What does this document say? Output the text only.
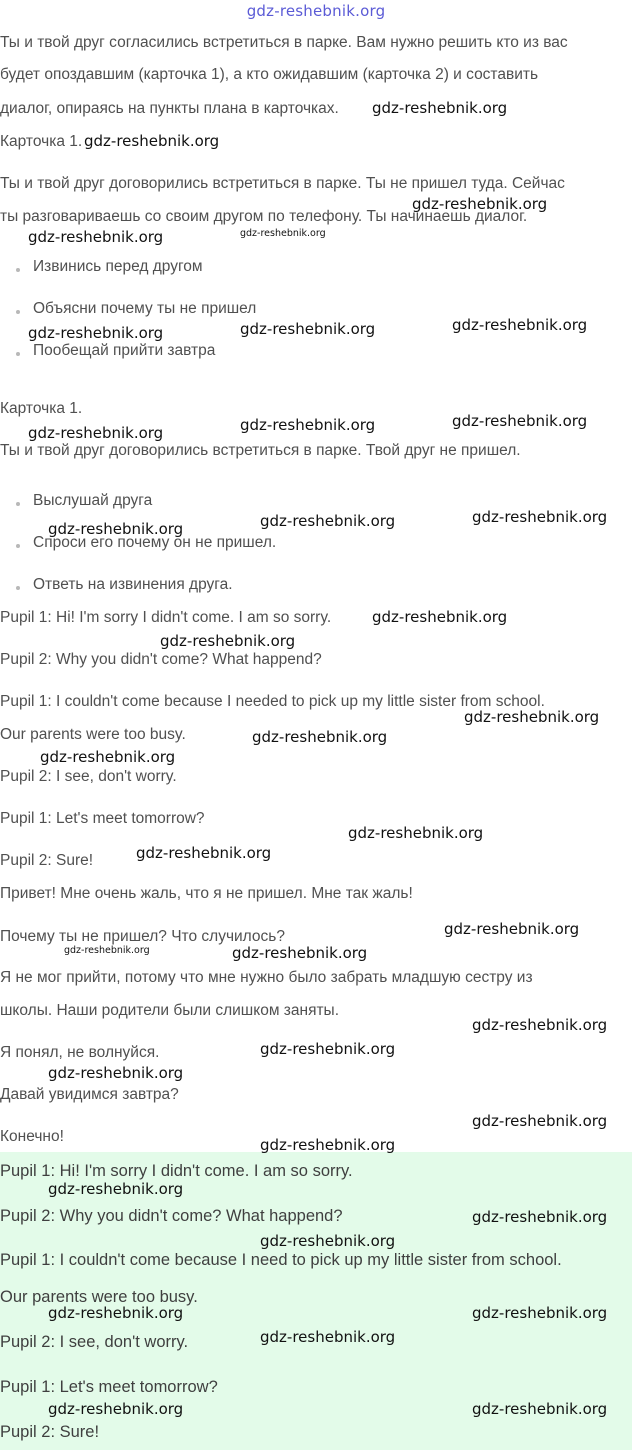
gdz-reshebnik.org
Ты и твой друг согласились встретиться в парке. Вам нужно решить кто из вас
будет опоздавшим (карточка 1), а кто ожидавшим (карточка 2) и составить
диалог, опираясь на пункты плана в карточках.
Карточка 1.
Ты и твой друг договорились встретиться в парке. Ты не пришел туда. Сейчас
ты разговариваешь со своим другом по телефону. Ты начинаешь диалог.
Извинись перед другом
Объясни почему ты не пришел
Пообещай прийти завтра
Карточка 1.
Ты и твой друг договорились встретиться в парке. Твой друг не пришел.
Выслушай друга
Спроси его почему он не пришел.
Ответь на извинения друга.
Pupil 1: Hi! I'm sorry I didn't come. I am so sorry.
Pupil 2: Why you didn't come? What happend?
Pupil 1: I couldn't come because I needed to pick up my little sister from school.
Our parents were too busy.
Pupil 2: I see, don't worry.
Pupil 1: Let's meet tomorrow?
Pupil 2: Sure!
Привет! Мне очень жаль, что я не пришел. Мне так жаль!
Почему ты не пришел? Что случилось?
Я не мог прийти, потому что мне нужно было забрать младшую сестру из
школы. Наши родители были слишком заняты.
Я понял, не волнуйся.
Давай увидимся завтра?
Конечно!
Pupil 1: Hi! I'm sorry I didn't come. I am so sorry.
Pupil 2: Why you didn't come? What happend?
Pupil 1: I couldn't come because I need to pick up my little sister from school.
Our parents were too busy.
Pupil 2: I see, don't worry.
Pupil 1: Let's meet tomorrow?
Pupil 2: Sure!
gdz-reshebnik.org
gdz-reshebnik.org
gdz-reshebnik.org
gdz-reshebnik.org	gdz-reshebnik.org
gdz-reshebnik.org
gdz-reshebnik.org	gdz-reshebnik.org
gdz-reshebnik.org
gdz-reshebnik.org
gdz-reshebnik.org
gdz-reshebnik.org
gdz-reshebnik.org
gdz-reshebnik.org
gdz-reshebnik.org
gdz-reshebnik.org
gdz-reshebnik.org
gdz-reshebnik.org
gdz-reshebnik.org
gdz-reshebnik.org
gdz-reshebnik.org
gdz-reshebnik.org
gdz-reshebnik.org
gdz-reshebnik.org
gdz-reshebnik.org
gdz-reshebnik.org
gdz-reshebnik.org
gdz-reshebnik.org
gdz-reshebnik.org
gdz-reshebnik.org
gdz-reshebnik.org
gdz-reshebnik.org
gdz-reshebnik.org	gdz-reshebnik.org
gdz-reshebnik.org
gdz-reshebnik.org	gdz-reshebnik.org
